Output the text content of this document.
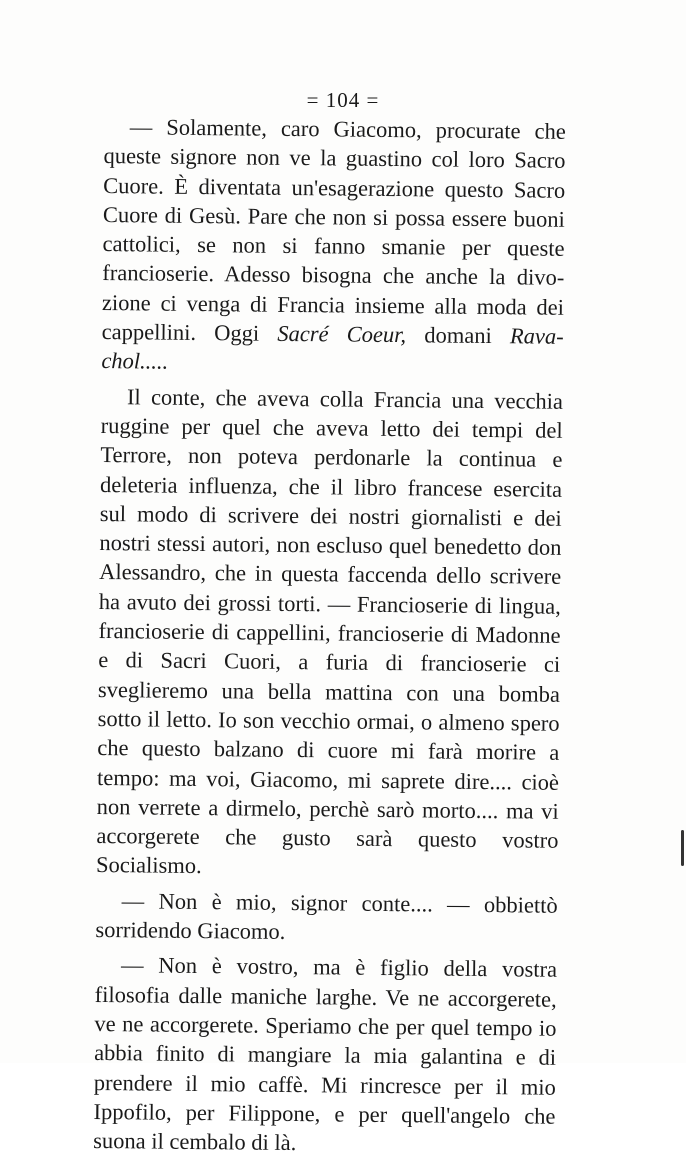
= 104 =

— Solamente, caro Giacomo, procurate che queste signore non ve la guastino col loro Sacro Cuore. È diventata un'esagerazione questo Sacro Cuore di Gesù. Pare che non si possa essere buoni cattolici, se non si fanno smanie per queste francioserie. Adesso bisogna che anche la divo- zione ci venga di Francia insieme alla moda dei cappellini. Oggi Sacré Coeur, domani Rava- chol.....

Il conte, che aveva colla Francia una vecchia ruggine per quel che aveva letto dei tempi del Terrore, non poteva perdonarle la continua e deleteria influenza, che il libro francese esercita sul modo di scrivere dei nostri giornalisti e dei nostri stessi autori, non escluso quel benedetto don Alessandro, che in questa faccenda dello scrivere ha avuto dei grossi torti. — Francioserie di lingua, francioserie di cappellini, francioserie di Madonne e di Sacri Cuori, a furia di francioserie ci sveglieremo una bella mattina con una bomba sotto il letto. Io son vecchio ormai, o almeno spero che questo balzano di cuore mi farà morire a tempo: ma voi, Giacomo, mi saprete dire.... cioè non verrete a dirmelo, perchè sarò morto.... ma vi accorgerete che gusto sarà questo vostro Socialismo.

— Non è mio, signor conte.... — obbiettò sorridendo Giacomo.

— Non è vostro, ma è figlio della vostra filosofia dalle maniche larghe. Ve ne accorgerete, ve ne accorgerete. Speriamo che per quel tempo io abbia finito di mangiare la mia galantina e di prendere il mio caffè. Mi rincresce per il mio Ippofilo, per Filippone, e per quell'angelo che suona il cembalo di là.
